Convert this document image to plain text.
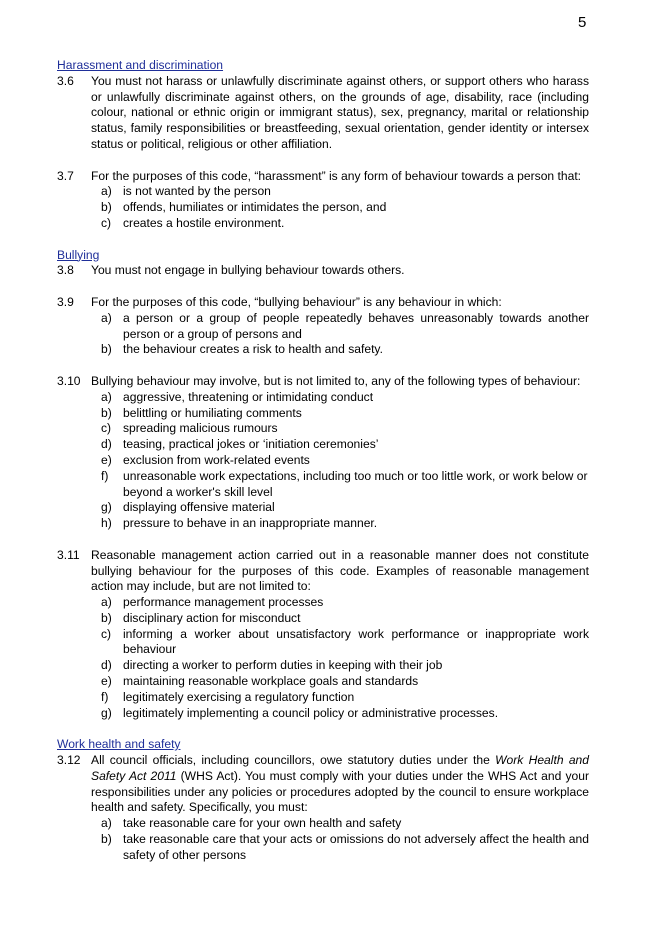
5

Harassment and discrimination

3.6 You must not harass or unlawfully discriminate against others, or support others who harass or unlawfully discriminate against others, on the grounds of age, disability, race (including colour, national or ethnic origin or immigrant status), sex, pregnancy, marital or relationship status, family responsibilities or breastfeeding, sexual orientation, gender identity or intersex status or political, religious or other affiliation.
3.7 For the purposes of this code, “harassment” is any form of behaviour towards a person that:
a) is not wanted by the person
b) offends, humiliates or intimidates the person, and
c) creates a hostile environment.

Bullying

3.8 You must not engage in bullying behaviour towards others.
3.9 For the purposes of this code, “bullying behaviour” is any behaviour in which:
a) a person or a group of people repeatedly behaves unreasonably towards another person or a group of persons and
b) the behaviour creates a risk to health and safety.
3.10 Bullying behaviour may involve, but is not limited to, any of the following types of behaviour:
a) aggressive, threatening or intimidating conduct
b) belittling or humiliating comments
c) spreading malicious rumours
d) teasing, practical jokes or ‘initiation ceremonies’
e) exclusion from work-related events
f) unreasonable work expectations, including too much or too little work, or work below or beyond a worker's skill level
g) displaying offensive material
h) pressure to behave in an inappropriate manner.
3.11 Reasonable management action carried out in a reasonable manner does not constitute bullying behaviour for the purposes of this code. Examples of reasonable management action may include, but are not limited to:
a) performance management processes
b) disciplinary action for misconduct
c) informing a worker about unsatisfactory work performance or inappropriate work behaviour
d) directing a worker to perform duties in keeping with their job
e) maintaining reasonable workplace goals and standards
f) legitimately exercising a regulatory function
g) legitimately implementing a council policy or administrative processes.

Work health and safety

3.12 All council officials, including councillors, owe statutory duties under the Work Health and Safety Act 2011 (WHS Act). You must comply with your duties under the WHS Act and your responsibilities under any policies or procedures adopted by the council to ensure workplace health and safety. Specifically, you must:
a) take reasonable care for your own health and safety
b) take reasonable care that your acts or omissions do not adversely affect the health and safety of other persons
